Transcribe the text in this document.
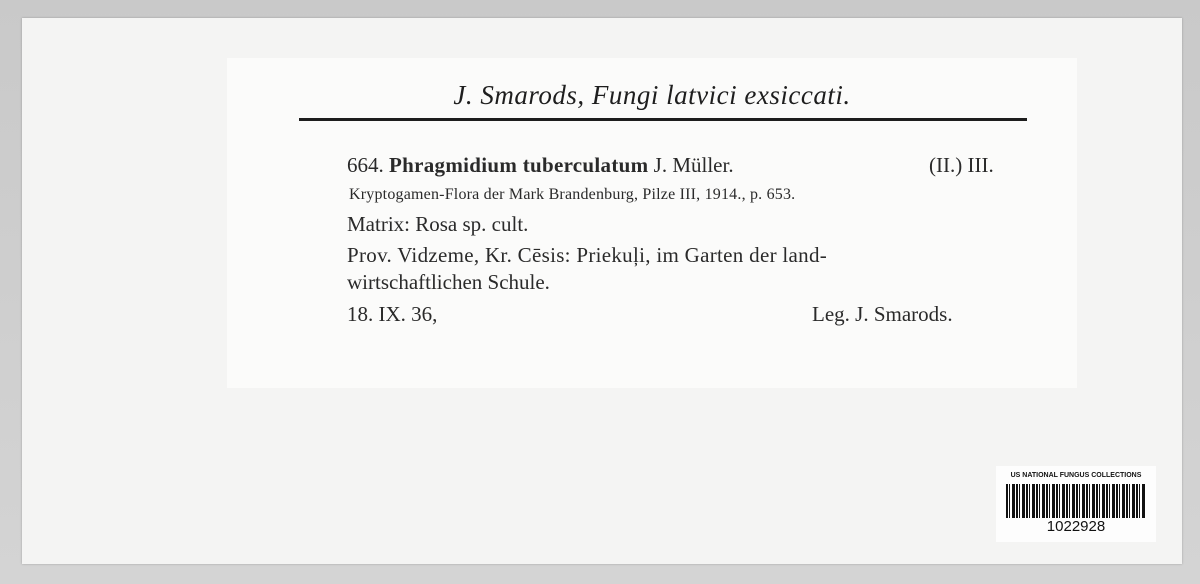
J. Smarods, Fungi latvici exsiccati.
664. Phragmidium tuberculatum J. Müller.	(II.) III.
Kryptogamen-Flora der Mark Brandenburg, Pilze III, 1914., p. 653.
Matrix: Rosa sp. cult.
Prov. Vidzeme, Kr. Cēsis: Priekuļi, im Garten der land-
wirtschaftlichen Schule.
18. IX. 36,	Leg. J. Smarods.
US NATIONAL FUNGUS COLLECTIONS
1022928
